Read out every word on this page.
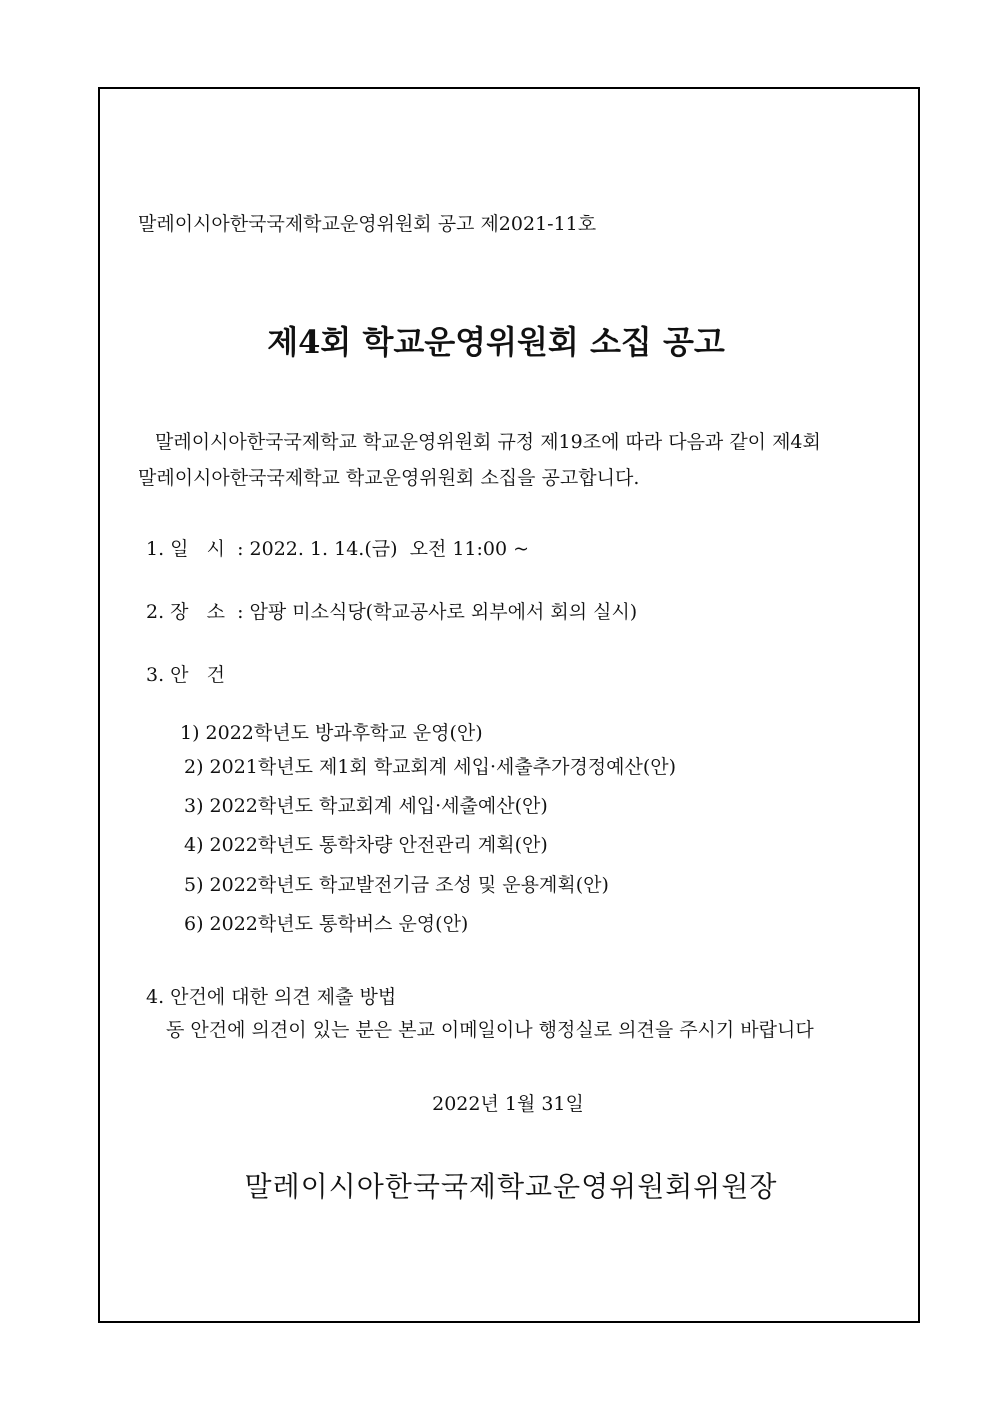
말레이시아한국국제학교운영위원회 공고 제2021-11호
제4회 학교운영위원회 소집 공고
말레이시아한국국제학교 학교운영위원회 규정 제19조에 따라 다음과 같이 제4회
말레이시아한국국제학교 학교운영위원회 소집을 공고합니다.
1. 일   시  : 2022. 1. 14.(금)  오전 11:00 ~
2. 장   소  : 암팡 미소식당(학교공사로 외부에서 회의 실시)
3. 안   건
1) 2022학년도 방과후학교 운영(안)
2) 2021학년도 제1회 학교회계 세입·세출추가경정예산(안)
3) 2022학년도 학교회계 세입·세출예산(안)
4) 2022학년도 통학차량 안전관리 계획(안)
5) 2022학년도 학교발전기금 조성 및 운용계획(안)
6) 2022학년도 통학버스 운영(안)
4. 안건에 대한 의견 제출 방법
동 안건에 의견이 있는 분은 본교 이메일이나 행정실로 의견을 주시기 바랍니다
2022년 1월 31일
말레이시아한국국제학교운영위원회위원장
